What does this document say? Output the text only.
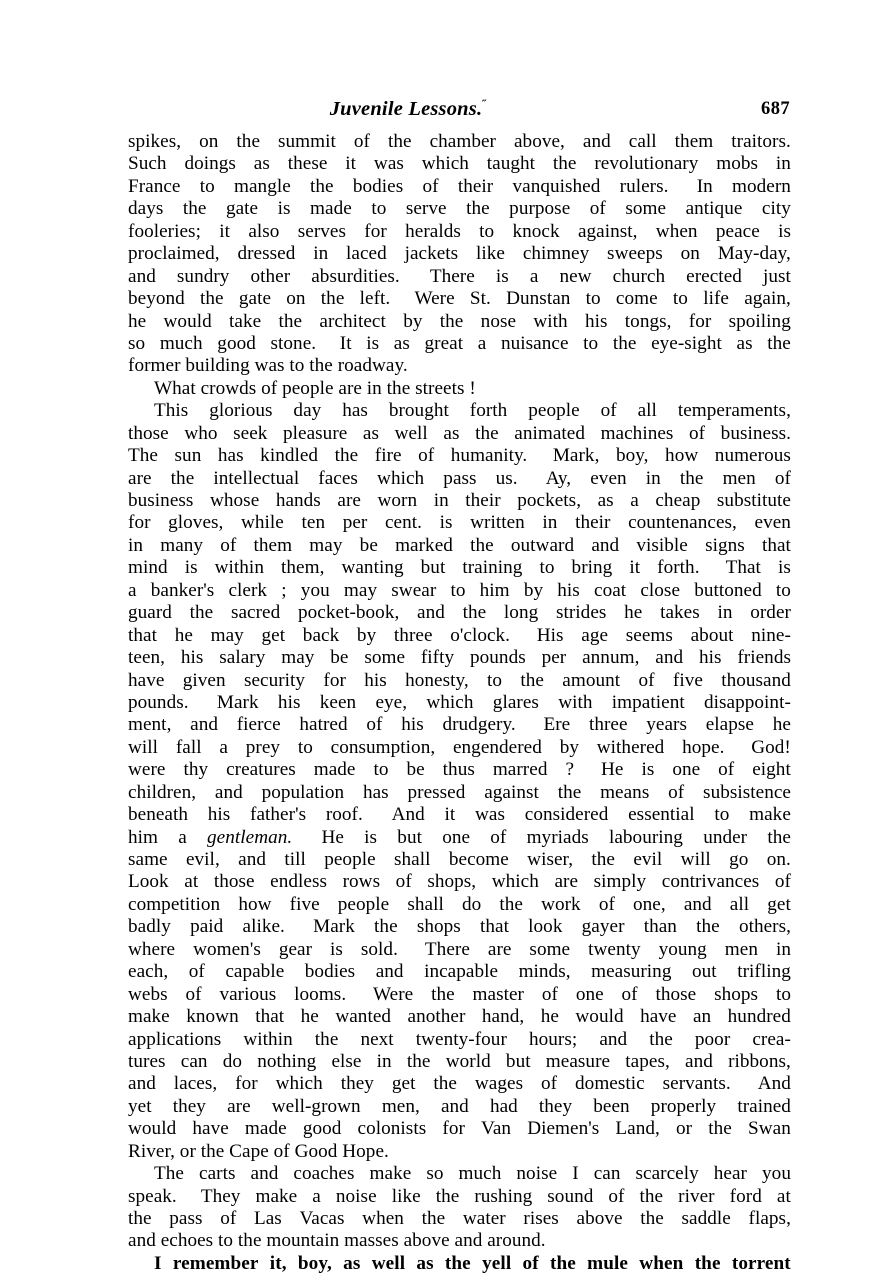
Juvenile Lessons.˝	687
spikes, on the summit of the chamber above, and call them traitors.
Such doings as these it was which taught the revolutionary mobs in
France to mangle the bodies of their vanquished rulers. In modern
days the gate is made to serve the purpose of some antique city
fooleries; it also serves for heralds to knock against, when peace is
proclaimed, dressed in laced jackets like chimney sweeps on May-day,
and sundry other absurdities. There is a new church erected just
beyond the gate on the left. Were St. Dunstan to come to life again,
he would take the architect by the nose with his tongs, for spoiling
so much good stone. It is as great a nuisance to the eye-sight as the
former building was to the roadway.
What crowds of people are in the streets !
This glorious day has brought forth people of all temperaments,
those who seek pleasure as well as the animated machines of business.
The sun has kindled the fire of humanity. Mark, boy, how numerous
are the intellectual faces which pass us. Ay, even in the men of
business whose hands are worn in their pockets, as a cheap substitute
for gloves, while ten per cent. is written in their countenances, even
in many of them may be marked the outward and visible signs that
mind is within them, wanting but training to bring it forth. That is
a banker's clerk ; you may swear to him by his coat close buttoned to
guard the sacred pocket-book, and the long strides he takes in order
that he may get back by three o'clock. His age seems about nine-
teen, his salary may be some fifty pounds per annum, and his friends
have given security for his honesty, to the amount of five thousand
pounds. Mark his keen eye, which glares with impatient disappoint-
ment, and fierce hatred of his drudgery. Ere three years elapse he
will fall a prey to consumption, engendered by withered hope. God!
were thy creatures made to be thus marred ? He is one of eight
children, and population has pressed against the means of subsistence
beneath his father's roof. And it was considered essential to make
him a gentleman. He is but one of myriads labouring under the
same evil, and till people shall become wiser, the evil will go on.
Look at those endless rows of shops, which are simply contrivances of
competition how five people shall do the work of one, and all get
badly paid alike. Mark the shops that look gayer than the others,
where women's gear is sold. There are some twenty young men in
each, of capable bodies and incapable minds, measuring out trifling
webs of various looms. Were the master of one of those shops to
make known that he wanted another hand, he would have an hundred
applications within the next twenty-four hours; and the poor crea-
tures can do nothing else in the world but measure tapes, and ribbons,
and laces, for which they get the wages of domestic servants. And
yet they are well-grown men, and had they been properly trained
would have made good colonists for Van Diemen's Land, or the Swan
River, or the Cape of Good Hope.
The carts and coaches make so much noise I can scarcely hear you
speak. They make a noise like the rushing sound of the river ford at
the pass of Las Vacas when the water rises above the saddle flaps,
and echoes to the mountain masses above and around.
I remember it, boy, as well as the yell of the mule when the torrent
